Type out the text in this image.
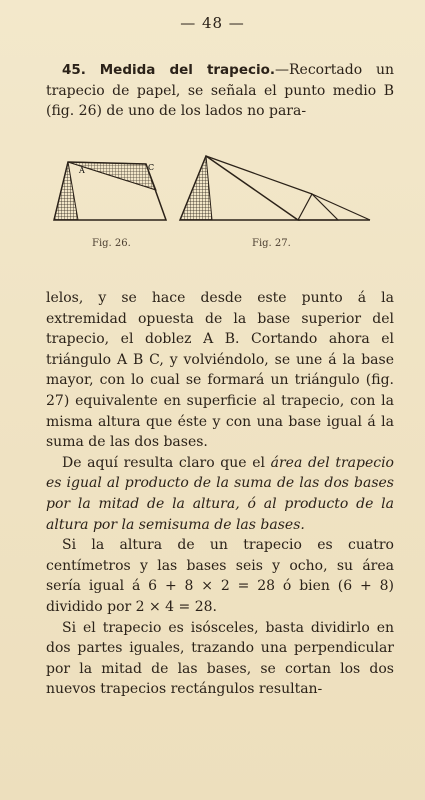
— 48 —

45. Medida del trapecio.—Recortado un trapecio de papel, se señala el punto medio B (fig. 26) de uno de los lados no para-

A	C
Fig. 26.	Fig. 27.

lelos, y se hace desde este punto á la extremidad opuesta de la base superior del trapecio, el doblez A B. Cortando ahora el triángulo A B C, y volviéndolo, se une á la base mayor, con lo cual se formará un triángulo (fig. 27) equivalente en superficie al trapecio, con la misma altura que éste y con una base igual á la suma de las dos bases.

De aquí resulta claro que el área del trapecio es igual al producto de la suma de las dos bases por la mitad de la altura, ó al producto de la altura por la semisuma de las bases.

Si la altura de un trapecio es cuatro centímetros y las bases seis y ocho, su área sería igual á 6 + 8 × 2 = 28 ó bien (6 + 8) dividido por 2 × 4 = 28.

Si el trapecio es isósceles, basta dividirlo en dos partes iguales, trazando una perpendicular por la mitad de las bases, se cortan los dos nuevos trapecios rectángulos resultan-
